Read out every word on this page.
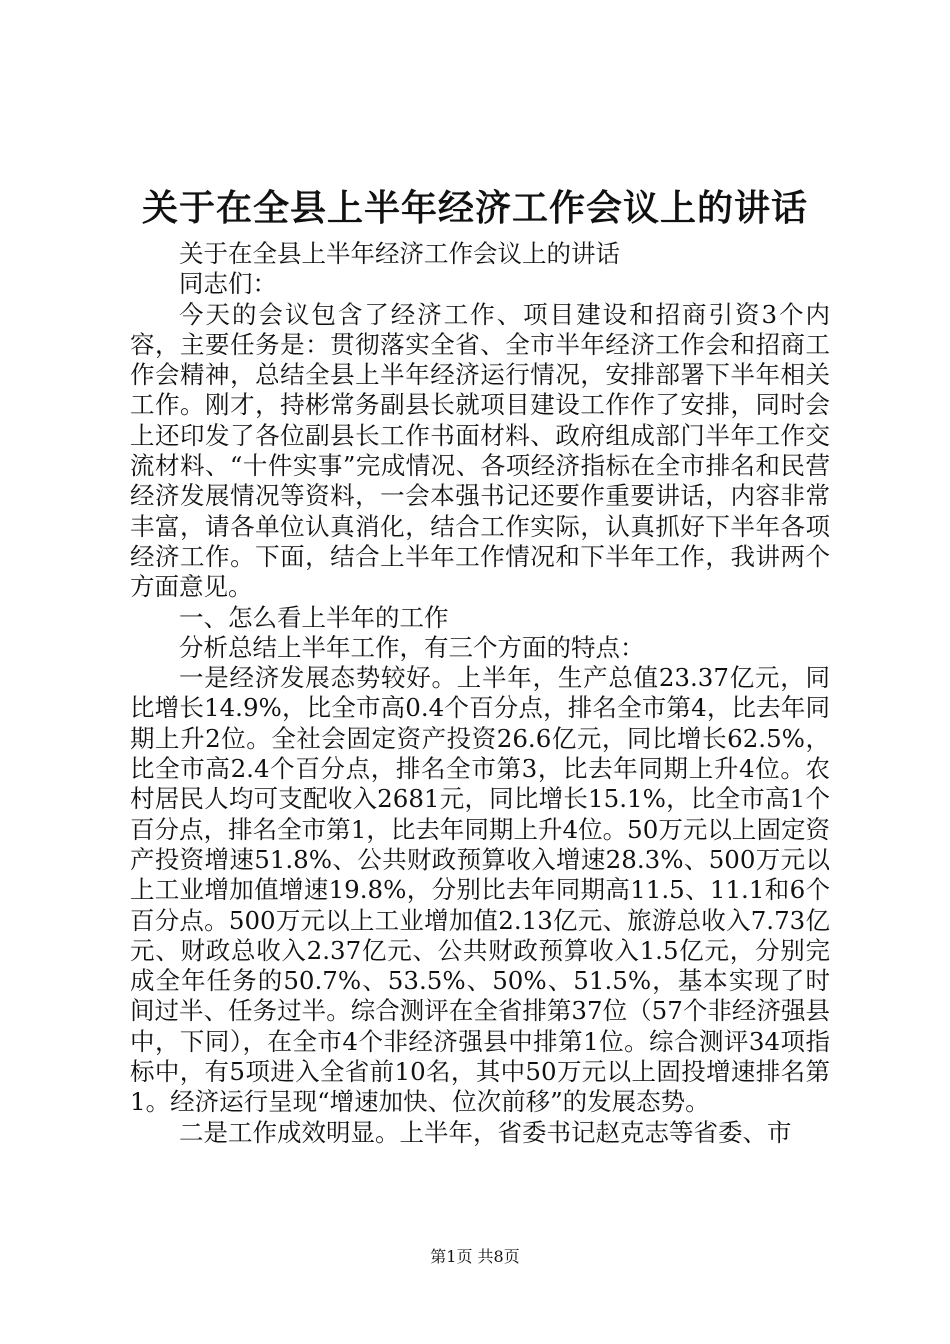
关于在全县上半年经济工作会议上的讲话

关于在全县上半年经济工作会议上的讲话

同志们：

今天的会议包含了经济工作、项目建设和招商引资3个内容，主要任务是：贯彻落实全省、全市半年经济工作会和招商工作会精神，总结全县上半年经济运行情况，安排部署下半年相关工作。刚才，持彬常务副县长就项目建设工作作了安排，同时会上还印发了各位副县长工作书面材料、政府组成部门半年工作交流材料、“十件实事”完成情况、各项经济指标在全市排名和民营经济发展情况等资料，一会本强书记还要作重要讲话，内容非常丰富，请各单位认真消化，结合工作实际，认真抓好下半年各项经济工作。下面，结合上半年工作情况和下半年工作，我讲两个方面意见。

一、怎么看上半年的工作

分析总结上半年工作，有三个方面的特点：

一是经济发展态势较好。上半年，生产总值23.37亿元，同比增长14.9%，比全市高0.4个百分点，排名全市第4，比去年同期上升2位。全社会固定资产投资26.6亿元，同比增长62.5%，比全市高2.4个百分点，排名全市第3，比去年同期上升4位。农村居民人均可支配收入2681元，同比增长15.1%，比全市高1个百分点，排名全市第1，比去年同期上升4位。50万元以上固定资产投资增速51.8%、公共财政预算收入增速28.3%、500万元以上工业增加值增速19.8%，分别比去年同期高11.5、11.1和6个百分点。500万元以上工业增加值2.13亿元、旅游总收入7.73亿元、财政总收入2.37亿元、公共财政预算收入1.5亿元，分别完成全年任务的50.7%、53.5%、50%、51.5%，基本实现了时间过半、任务过半。综合测评在全省排第37位（57个非经济强县中，下同），在全市4个非经济强县中排第1位。综合测评34项指标中，有5项进入全省前10名，其中50万元以上固投增速排名第1。经济运行呈现“增速加快、位次前移”的发展态势。

二是工作成效明显。上半年，省委书记赵克志等省委、市

第1页 共8页
